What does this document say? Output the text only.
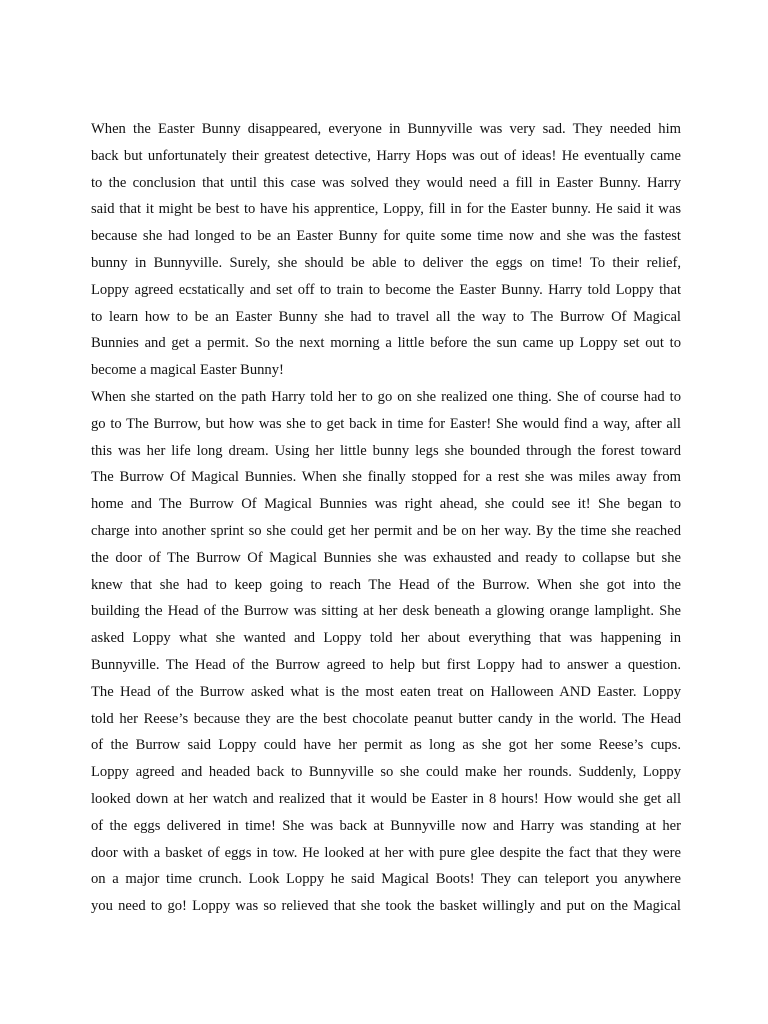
When the Easter Bunny disappeared, everyone in Bunnyville was very sad. They needed him
back but unfortunately their greatest detective, Harry Hops was out of ideas! He eventually came
to the conclusion that until this case was solved they would need a fill in Easter Bunny. Harry
said that it might be best to have his apprentice, Loppy, fill in for the Easter bunny. He said it was
because she had longed to be an Easter Bunny for quite some time now and she was the fastest
bunny in Bunnyville. Surely, she should be able to deliver the eggs on time! To their relief,
Loppy agreed ecstatically and set off to train to become the Easter Bunny. Harry told Loppy that
to learn how to be an Easter Bunny she had to travel all the way to The Burrow Of Magical
Bunnies and get a permit. So the next morning a little before the sun came up Loppy set out to
become a magical Easter Bunny!
When she started on the path Harry told her to go on she realized one thing. She of course had to
go to The Burrow, but how was she to get back in time for Easter! She would find a way, after all
this was her life long dream. Using her little bunny legs she bounded through the forest toward
The Burrow Of Magical Bunnies. When she finally stopped for a rest she was miles away from
home and The Burrow Of Magical Bunnies was right ahead, she could see it! She began to
charge into another sprint so she could get her permit and be on her way. By the time she reached
the door of The Burrow Of Magical Bunnies she was exhausted and ready to collapse but she
knew that she had to keep going to reach The Head of the Burrow. When she got into the
building the Head of the Burrow was sitting at her desk beneath a glowing orange lamplight. She
asked Loppy what she wanted and Loppy told her about everything that was happening in
Bunnyville. The Head of the Burrow agreed to help but first Loppy had to answer a question.
The Head of the Burrow asked what is the most eaten treat on Halloween AND Easter. Loppy
told her Reese’s because they are the best chocolate peanut butter candy in the world. The Head
of the Burrow said Loppy could have her permit as long as she got her some Reese’s cups.
Loppy agreed and headed back to Bunnyville so she could make her rounds. Suddenly, Loppy
looked down at her watch and realized that it would be Easter in 8 hours! How would she get all
of the eggs delivered in time! She was back at Bunnyville now and Harry was standing at her
door with a basket of eggs in tow. He looked at her with pure glee despite the fact that they were
on a major time crunch. Look Loppy he said Magical Boots! They can teleport you anywhere
you need to go! Loppy was so relieved that she took the basket willingly and put on the Magical
